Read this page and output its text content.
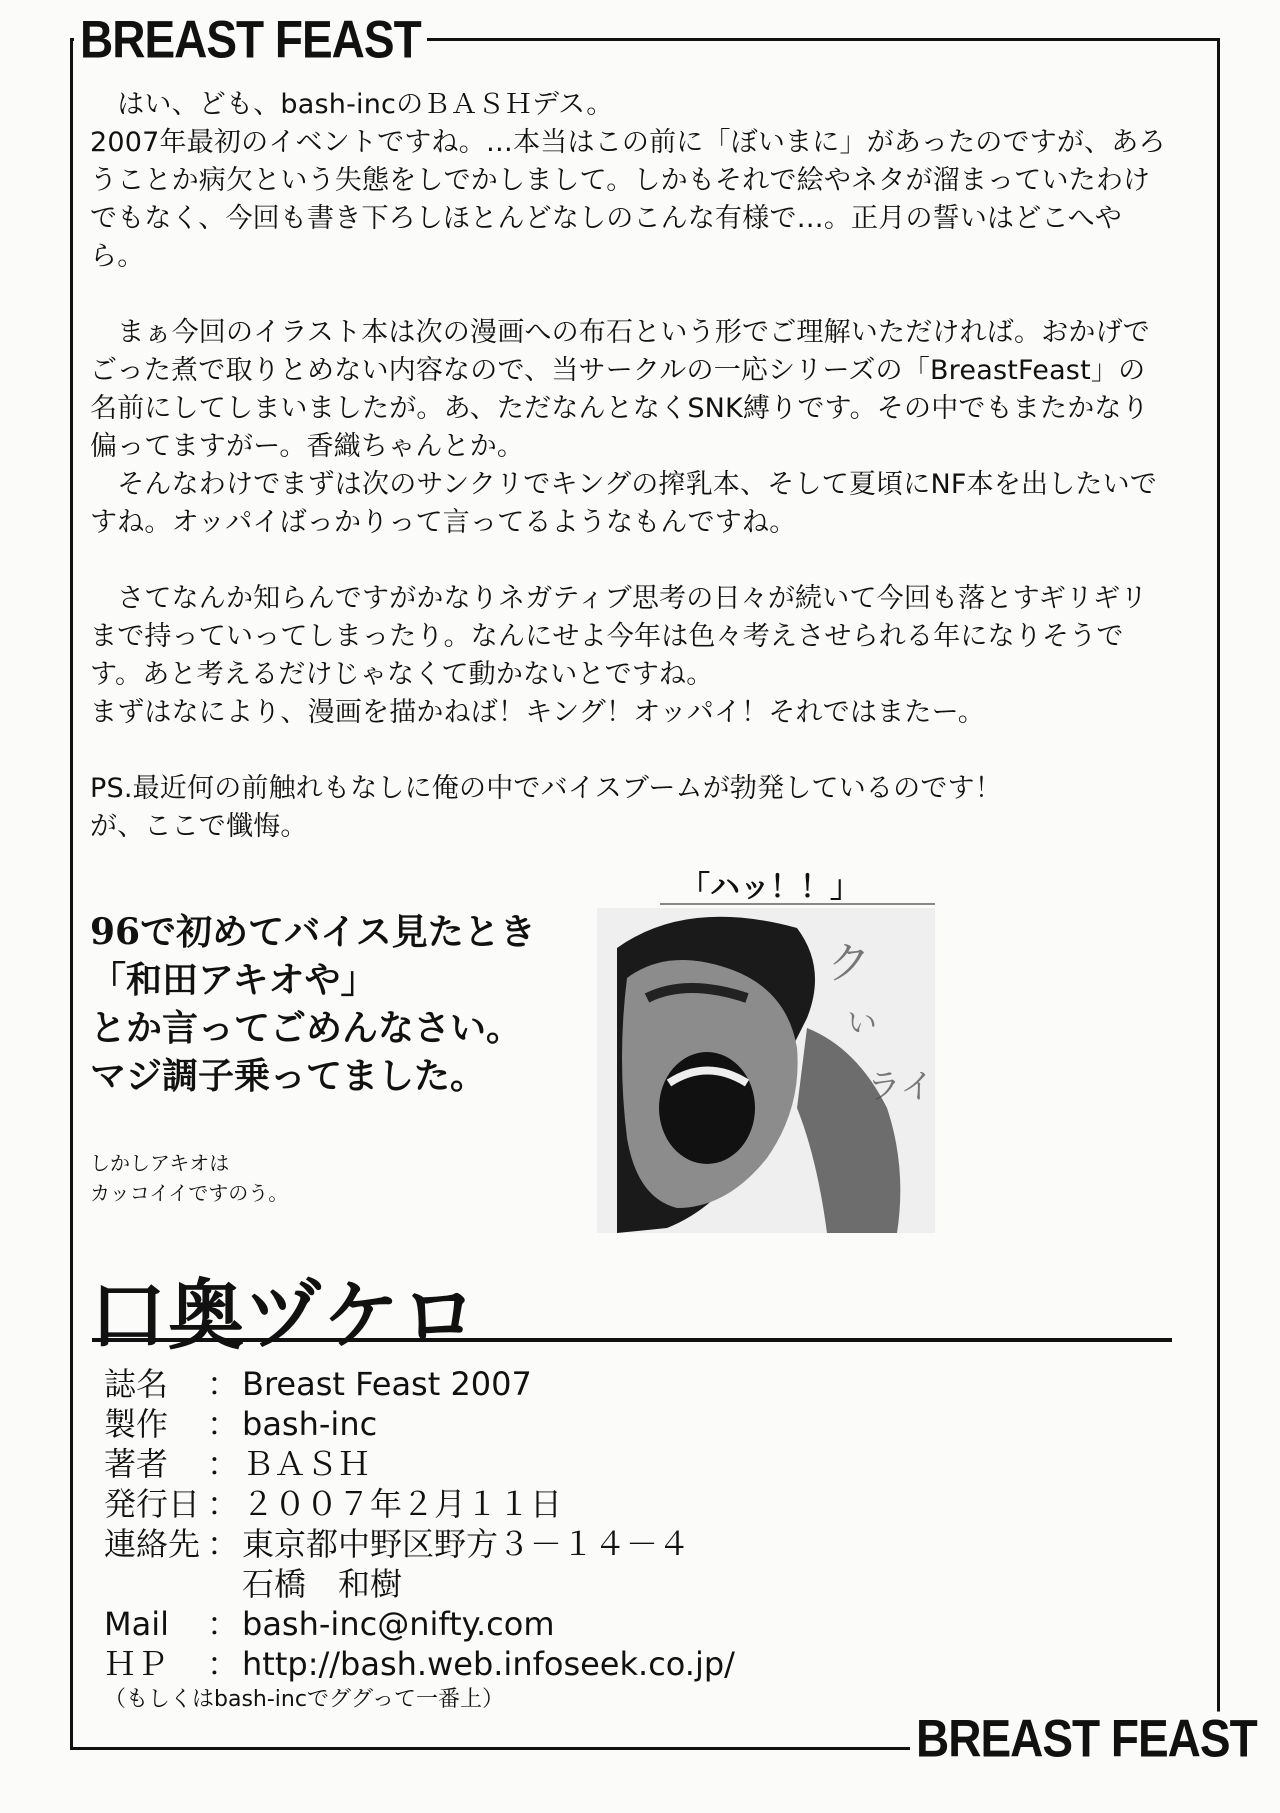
BREAST FEAST

　はい、ども、bash-incのＢＡＳＨデス。
2007年最初のイベントですね。…本当はこの前に「ぼいまに」があったのですが、あろうことか病欠という失態をしでかしまして。しかもそれで絵やネタが溜まっていたわけでもなく、今回も書き下ろしほとんどなしのこんな有様で…。正月の誓いはどこへやら。

　まぁ今回のイラスト本は次の漫画への布石という形でご理解いただければ。おかげでごった煮で取りとめない内容なので、当サークルの一応シリーズの「BreastFeast」の名前にしてしまいましたが。あ、ただなんとなくSNK縛りです。その中でもまたかなり偏ってますがー。香織ちゃんとか。
　そんなわけでまずは次のサンクリでキングの搾乳本、そして夏頃にNF本を出したいですね。オッパイばっかりって言ってるようなもんですね。

　さてなんか知らんですがかなりネガティブ思考の日々が続いて今回も落とすギリギリまで持っていってしまったり。なんにせよ今年は色々考えさせられる年になりそうです。あと考えるだけじゃなくて動かないとですね。
まずはなにより、漫画を描かねば！キング！オッパイ！それではまたー。

PS.最近何の前触れもなしに俺の中でバイスブームが勃発しているのです！
が、ここで懺悔。

96で初めてバイス見たとき
「和田アキオや」
とか言ってごめんなさい。
マジ調子乗ってました。
しかしアキオは
カッコイイですのう。
「ハッ！！」
ク
い
ライ
口奥ヅケロ
誌名	： Breast Feast 2007
製作	： bash-inc
著者	： ＢＡＳＨ
発行日 ： ２００７年２月１１日
連絡先 ： 東京都中野区野方３－１４－４
石橋　和樹
Mail	： bash-inc@nifty.com
ＨＰ	： http://bash.web.infoseek.co.jp/
（もしくはbash-incでググって一番上）
BREAST FEAST
